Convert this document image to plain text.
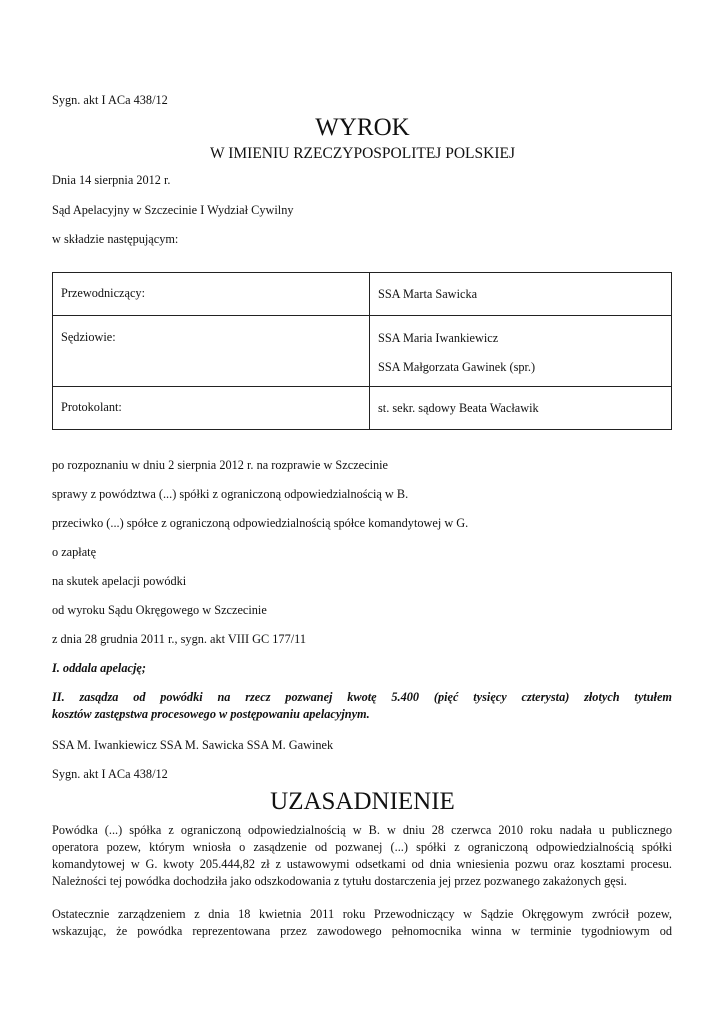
Sygn. akt I ACa 438/12
WYROK
W IMIENIU RZECZYPOSPOLITEJ POLSKIEJ
Dnia 14 sierpnia 2012 r.
Sąd Apelacyjny w Szczecinie I Wydział Cywilny
w składzie następującym:
Przewodniczący:	SSA Marta Sawicka

Sędziowie:	SSA Maria Iwankiewicz
SSA Małgorzata Gawinek (spr.)

Protokolant:	st. sekr. sądowy Beata Wacławik
po rozpoznaniu w dniu 2 sierpnia 2012 r. na rozprawie w Szczecinie
sprawy z powództwa (...) spółki z ograniczoną odpowiedzialnością w B.
przeciwko (...) spółce z ograniczoną odpowiedzialnością spółce komandytowej w G.
o zapłatę
na skutek apelacji powódki
od wyroku Sądu Okręgowego w Szczecinie
z dnia 28 grudnia 2011 r., sygn. akt VIII GC 177/11
I. oddala apelację;
II. zasądza od powódki na rzecz pozwanej kwotę 5.400 (pięć tysięcy czterysta) złotych tytułem
kosztów zastępstwa procesowego w postępowaniu apelacyjnym.
SSA M. Iwankiewicz SSA M. Sawicka SSA M. Gawinek
Sygn. akt I ACa 438/12
UZASADNIENIE
Powódka (...) spółka z ograniczoną odpowiedzialnością w B. w dniu 28 czerwca 2010 roku nadała u publicznego
operatora pozew, którym wniosła o zasądzenie od pozwanej (...) spółki z ograniczoną odpowiedzialnością spółki
komandytowej w G. kwoty 205.444,82 zł z ustawowymi odsetkami od dnia wniesienia pozwu oraz kosztami procesu.
Należności tej powódka dochodziła jako odszkodowania z tytułu dostarczenia jej przez pozwanego zakażonych gęsi.
Ostatecznie zarządzeniem z dnia 18 kwietnia 2011 roku Przewodniczący w Sądzie Okręgowym zwrócił pozew,
wskazując, że powódka reprezentowana przez zawodowego pełnomocnika winna w terminie tygodniowym od
